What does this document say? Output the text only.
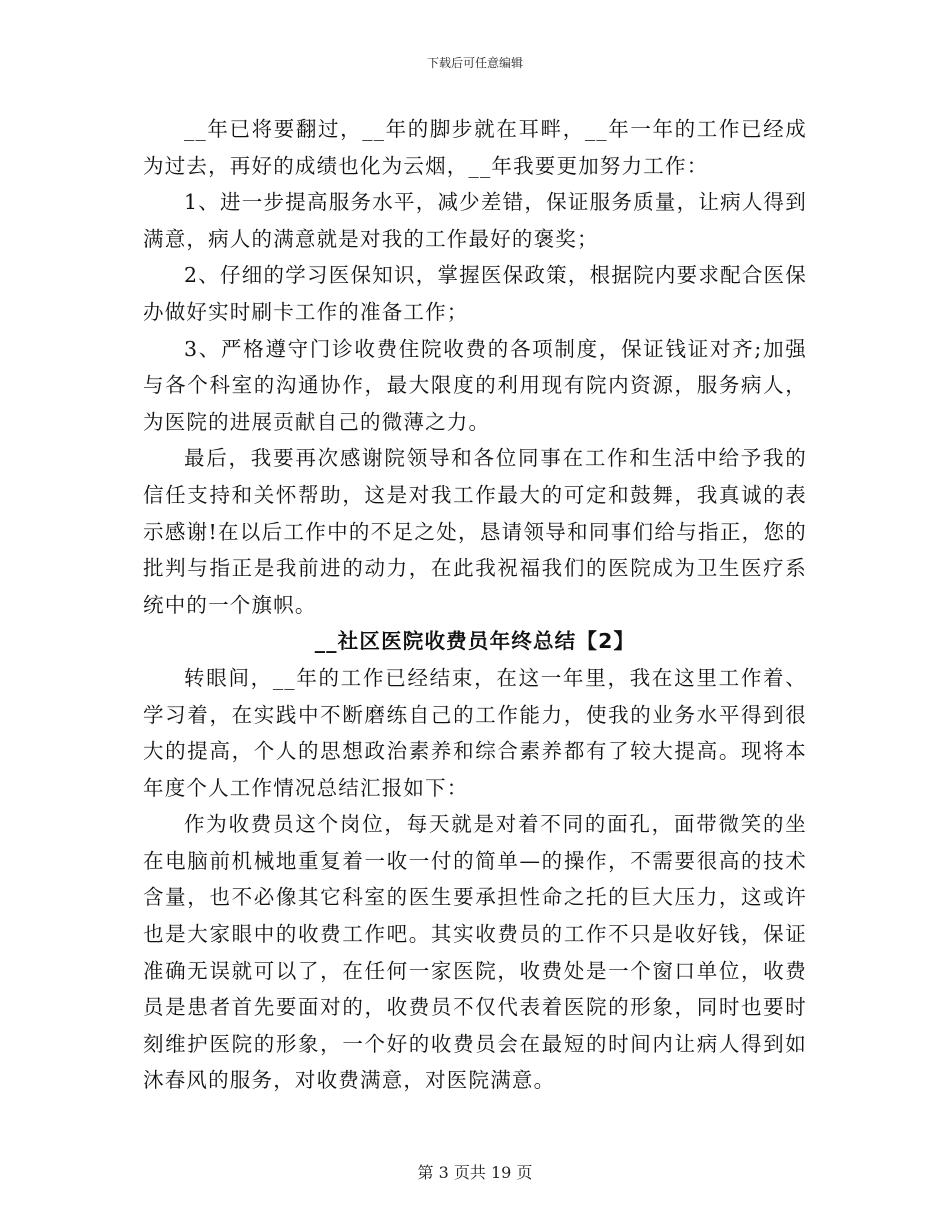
下载后可任意编辑

__年已将要翻过，__年的脚步就在耳畔，__年一年的工作已经成为过去，再好的成绩也化为云烟，__年我要更加努力工作：

1、进一步提高服务水平，减少差错，保证服务质量，让病人得到满意，病人的满意就是对我的工作最好的褒奖；

2、仔细的学习医保知识，掌握医保政策，根据院内要求配合医保办做好实时刷卡工作的准备工作；

3、严格遵守门诊收费住院收费的各项制度，保证钱证对齐;加强与各个科室的沟通协作，最大限度的利用现有院内资源，服务病人，为医院的进展贡献自己的微薄之力。

最后，我要再次感谢院领导和各位同事在工作和生活中给予我的信任支持和关怀帮助，这是对我工作最大的可定和鼓舞，我真诚的表示感谢!在以后工作中的不足之处，恳请领导和同事们给与指正，您的批判与指正是我前进的动力，在此我祝福我们的医院成为卫生医疗系统中的一个旗帜。

__社区医院收费员年终总结【2】

转眼间，__年的工作已经结束，在这一年里，我在这里工作着、学习着，在实践中不断磨练自己的工作能力，使我的业务水平得到很大的提高，个人的思想政治素养和综合素养都有了较大提高。现将本年度个人工作情况总结汇报如下：

作为收费员这个岗位，每天就是对着不同的面孔，面带微笑的坐在电脑前机械地重复着一收一付的简单—的操作，不需要很高的技术含量，也不必像其它科室的医生要承担性命之托的巨大压力，这或许也是大家眼中的收费工作吧。其实收费员的工作不只是收好钱，保证准确无误就可以了，在任何一家医院，收费处是一个窗口单位，收费员是患者首先要面对的，收费员不仅代表着医院的形象，同时也要时刻维护医院的形象，一个好的收费员会在最短的时间内让病人得到如沐春风的服务，对收费满意，对医院满意。

第 3 页共 19 页
